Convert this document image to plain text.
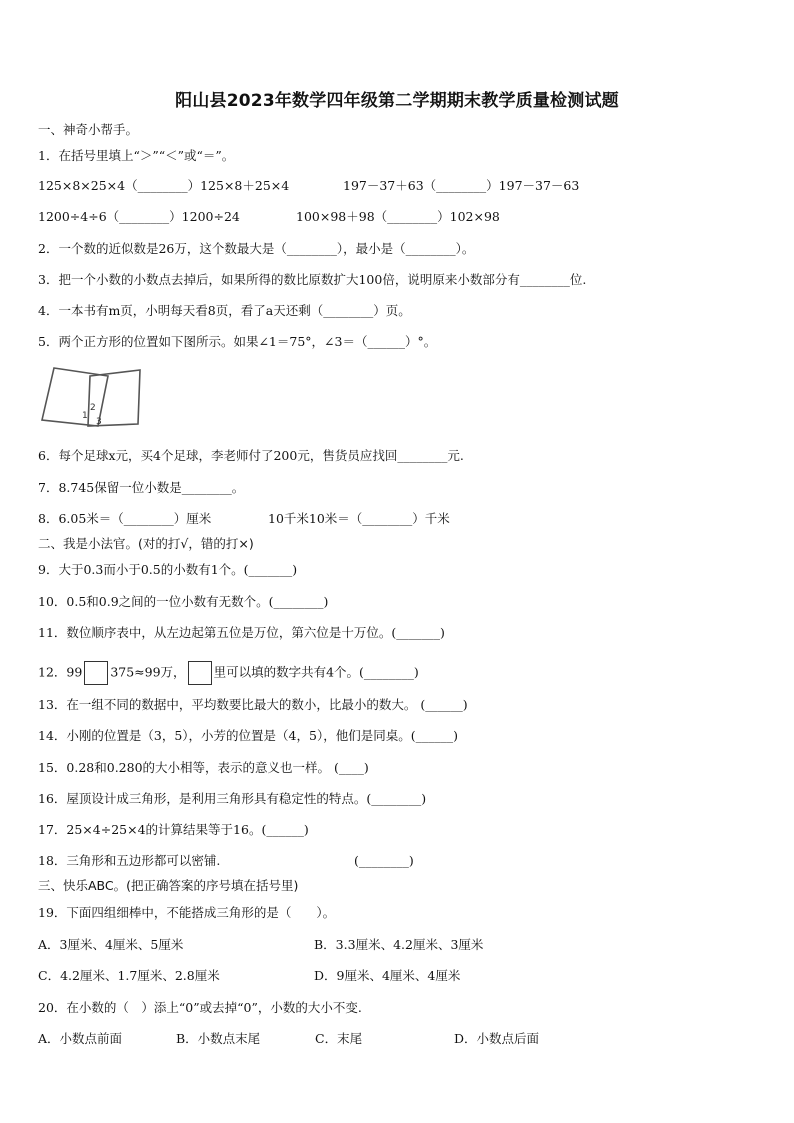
阳山县2023年数学四年级第二学期期末教学质量检测试题
一、神奇小帮手。
1．在括号里填上“＞”“＜”或“＝”。
125×8×25×4（________）125×8＋25×4	197－37＋63（________）197－37－63
1200÷4÷6（________）1200÷24	100×98＋98（________）102×98
2．一个数的近似数是26万，这个数最大是（________），最小是（________）。
3．把一个小数的小数点去掉后，如果所得的数比原数扩大100倍，说明原来小数部分有________位.
4．一本书有m页，小明每天看8页，看了a天还剩（________）页。
5．两个正方形的位置如下图所示。如果∠1＝75°，∠3＝（______）°。
1
2
3
6．每个足球x元，买4个足球，李老师付了200元，售货员应找回________元.
7．8.745保留一位小数是________。
8．6.05米＝（________）厘米	10千米10米＝（________）千米
二、我是小法官。(对的打√，错的打×)
9．大于0.3而小于0.5的小数有1个。(_______)
10．0.5和0.9之间的一位小数有无数个。(________)
11．数位顺序表中，从左边起第五位是万位，第六位是十万位。(_______)
12．99 375≈99万， 里可以填的数字共有4个。(________)
13．在一组不同的数据中，平均数要比最大的数小，比最小的数大。 (______)
14．小刚的位置是（3，5），小芳的位置是（4，5），他们是同桌。(______)
15．0.28和0.280的大小相等，表示的意义也一样。 (____)
16．屋顶设计成三角形，是利用三角形具有稳定性的特点。(________)
17．25×4÷25×4的计算结果等于16。(______)
18．三角形和五边形都可以密铺.	(________)
三、快乐ABC。(把正确答案的序号填在括号里)
19．下面四组细棒中，不能搭成三角形的是（　　）。
A．3厘米、4厘米、5厘米	B．3.3厘米、4.2厘米、3厘米
C．4.2厘米、1.7厘米、2.8厘米	D．9厘米、4厘米、4厘米
20．在小数的（　）添上“0”或去掉“0”，小数的大小不变.
A．小数点前面	B．小数点末尾	C．末尾	D．小数点后面
